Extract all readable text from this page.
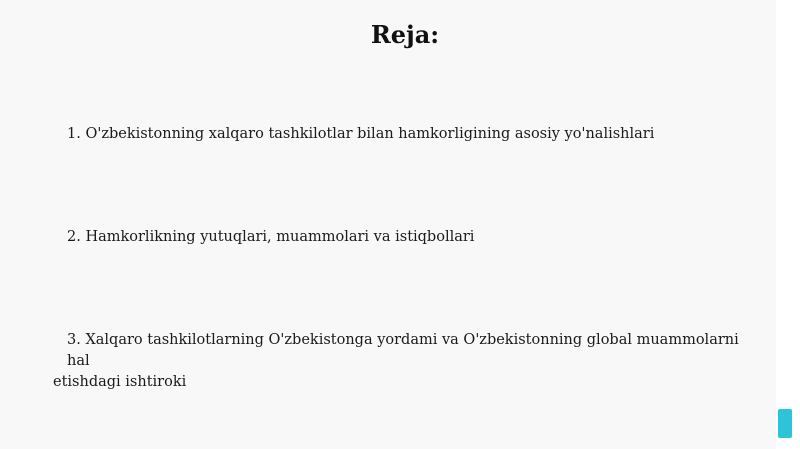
Reja:

1. O'zbekistonning xalqaro tashkilotlar bilan hamkorligining asosiy yo'nalishlari

2. Hamkorlikning yutuqlari, muammolari va istiqbollari

3. Xalqaro tashkilotlarning O'zbekistonga yordami va O'zbekistonning global muammolarni hal
etishdagi ishtiroki
